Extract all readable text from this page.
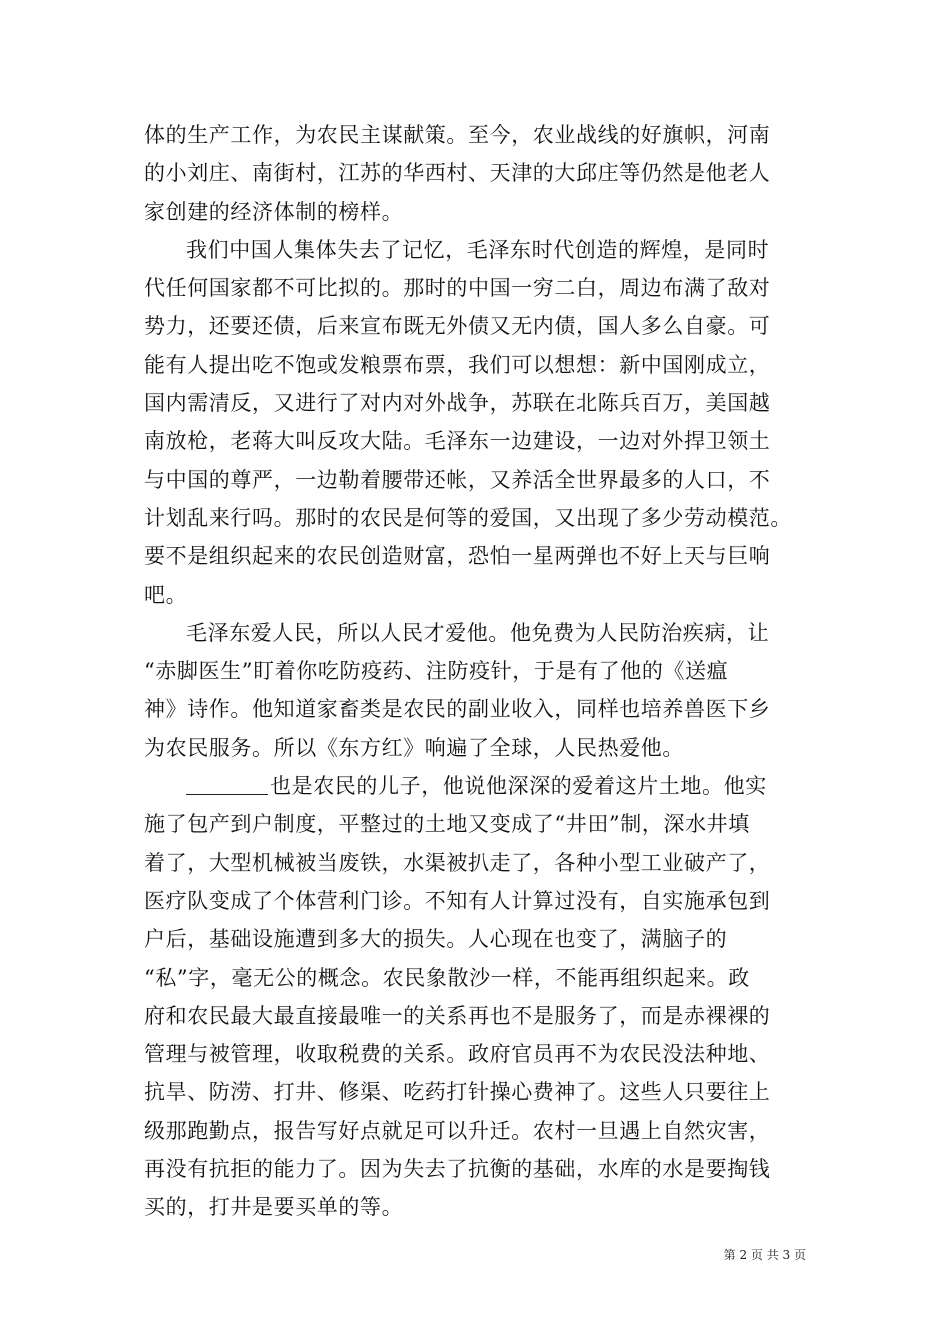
体的生产工作，为农民主谋献策。至今，农业战线的好旗帜，河南
的小刘庄、南街村，江苏的华西村、天津的大邱庄等仍然是他老人
家创建的经济体制的榜样。
我们中国人集体失去了记忆，毛泽东时代创造的辉煌，是同时
代任何国家都不可比拟的。那时的中国一穷二白，周边布满了敌对
势力，还要还债，后来宣布既无外债又无内债，国人多么自豪。可
能有人提出吃不饱或发粮票布票，我们可以想想：新中国刚成立，
国内需清反，又进行了对内对外战争，苏联在北陈兵百万，美国越
南放枪，老蒋大叫反攻大陆。毛泽东一边建设，一边对外捍卫领土
与中国的尊严，一边勒着腰带还帐，又养活全世界最多的人口，不
计划乱来行吗。那时的农民是何等的爱国，又出现了多少劳动模范。
要不是组织起来的农民创造财富，恐怕一星两弹也不好上天与巨响
吧。
毛泽东爱人民，所以人民才爱他。他免费为人民防治疾病，让
“赤脚医生”盯着你吃防疫药、注防疫针，于是有了他的《送瘟
神》诗作。他知道家畜类是农民的副业收入，同样也培养兽医下乡
为农民服务。所以《东方红》响遍了全球，人民热爱他。
也是农民的儿子，他说他深深的爱着这片土地。他实
施了包产到户制度，平整过的土地又变成了“井田”制，深水井填
着了，大型机械被当废铁，水渠被扒走了，各种小型工业破产了，
医疗队变成了个体营利门诊。不知有人计算过没有，自实施承包到
户后，基础设施遭到多大的损失。人心现在也变了，满脑子的
“私”字，毫无公的概念。农民象散沙一样，不能再组织起来。政
府和农民最大最直接最唯一的关系再也不是服务了，而是赤裸裸的
管理与被管理，收取税费的关系。政府官员再不为农民没法种地、
抗旱、防涝、打井、修渠、吃药打针操心费神了。这些人只要往上
级那跑勤点，报告写好点就足可以升迁。农村一旦遇上自然灾害，
再没有抗拒的能力了。因为失去了抗衡的基础，水库的水是要掏钱
买的，打井是要买单的等。
第 2 页 共 3 页
